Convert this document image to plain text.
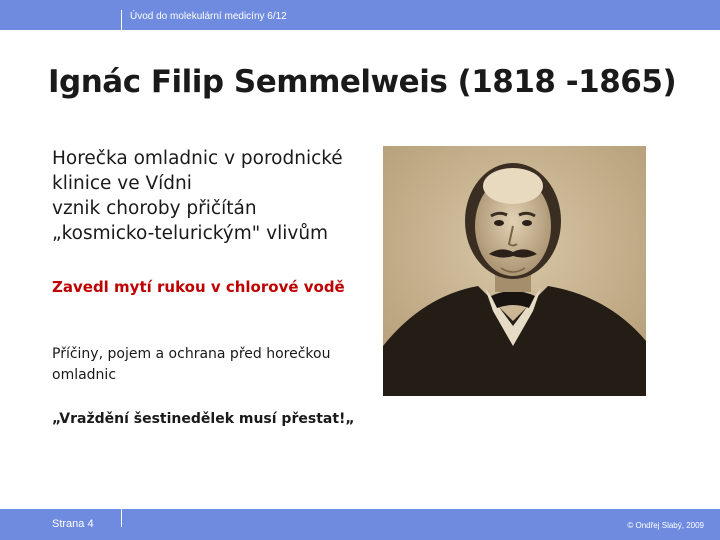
Úvod do molekulární medicíny 6/12
Ignác Filip Semmelweis (1818 -1865)
Horečka omladnic v porodnické
klinice ve Vídni
vznik choroby přičítán
„kosmicko-telurickým" vlivům
Zavedl mytí rukou v chlorové vodě
Příčiny, pojem a ochrana před horečkou
omladnic
„Vraždění šestinedělek musí přestat!„
Strana 4	© Ondřej Slabý, 2009
